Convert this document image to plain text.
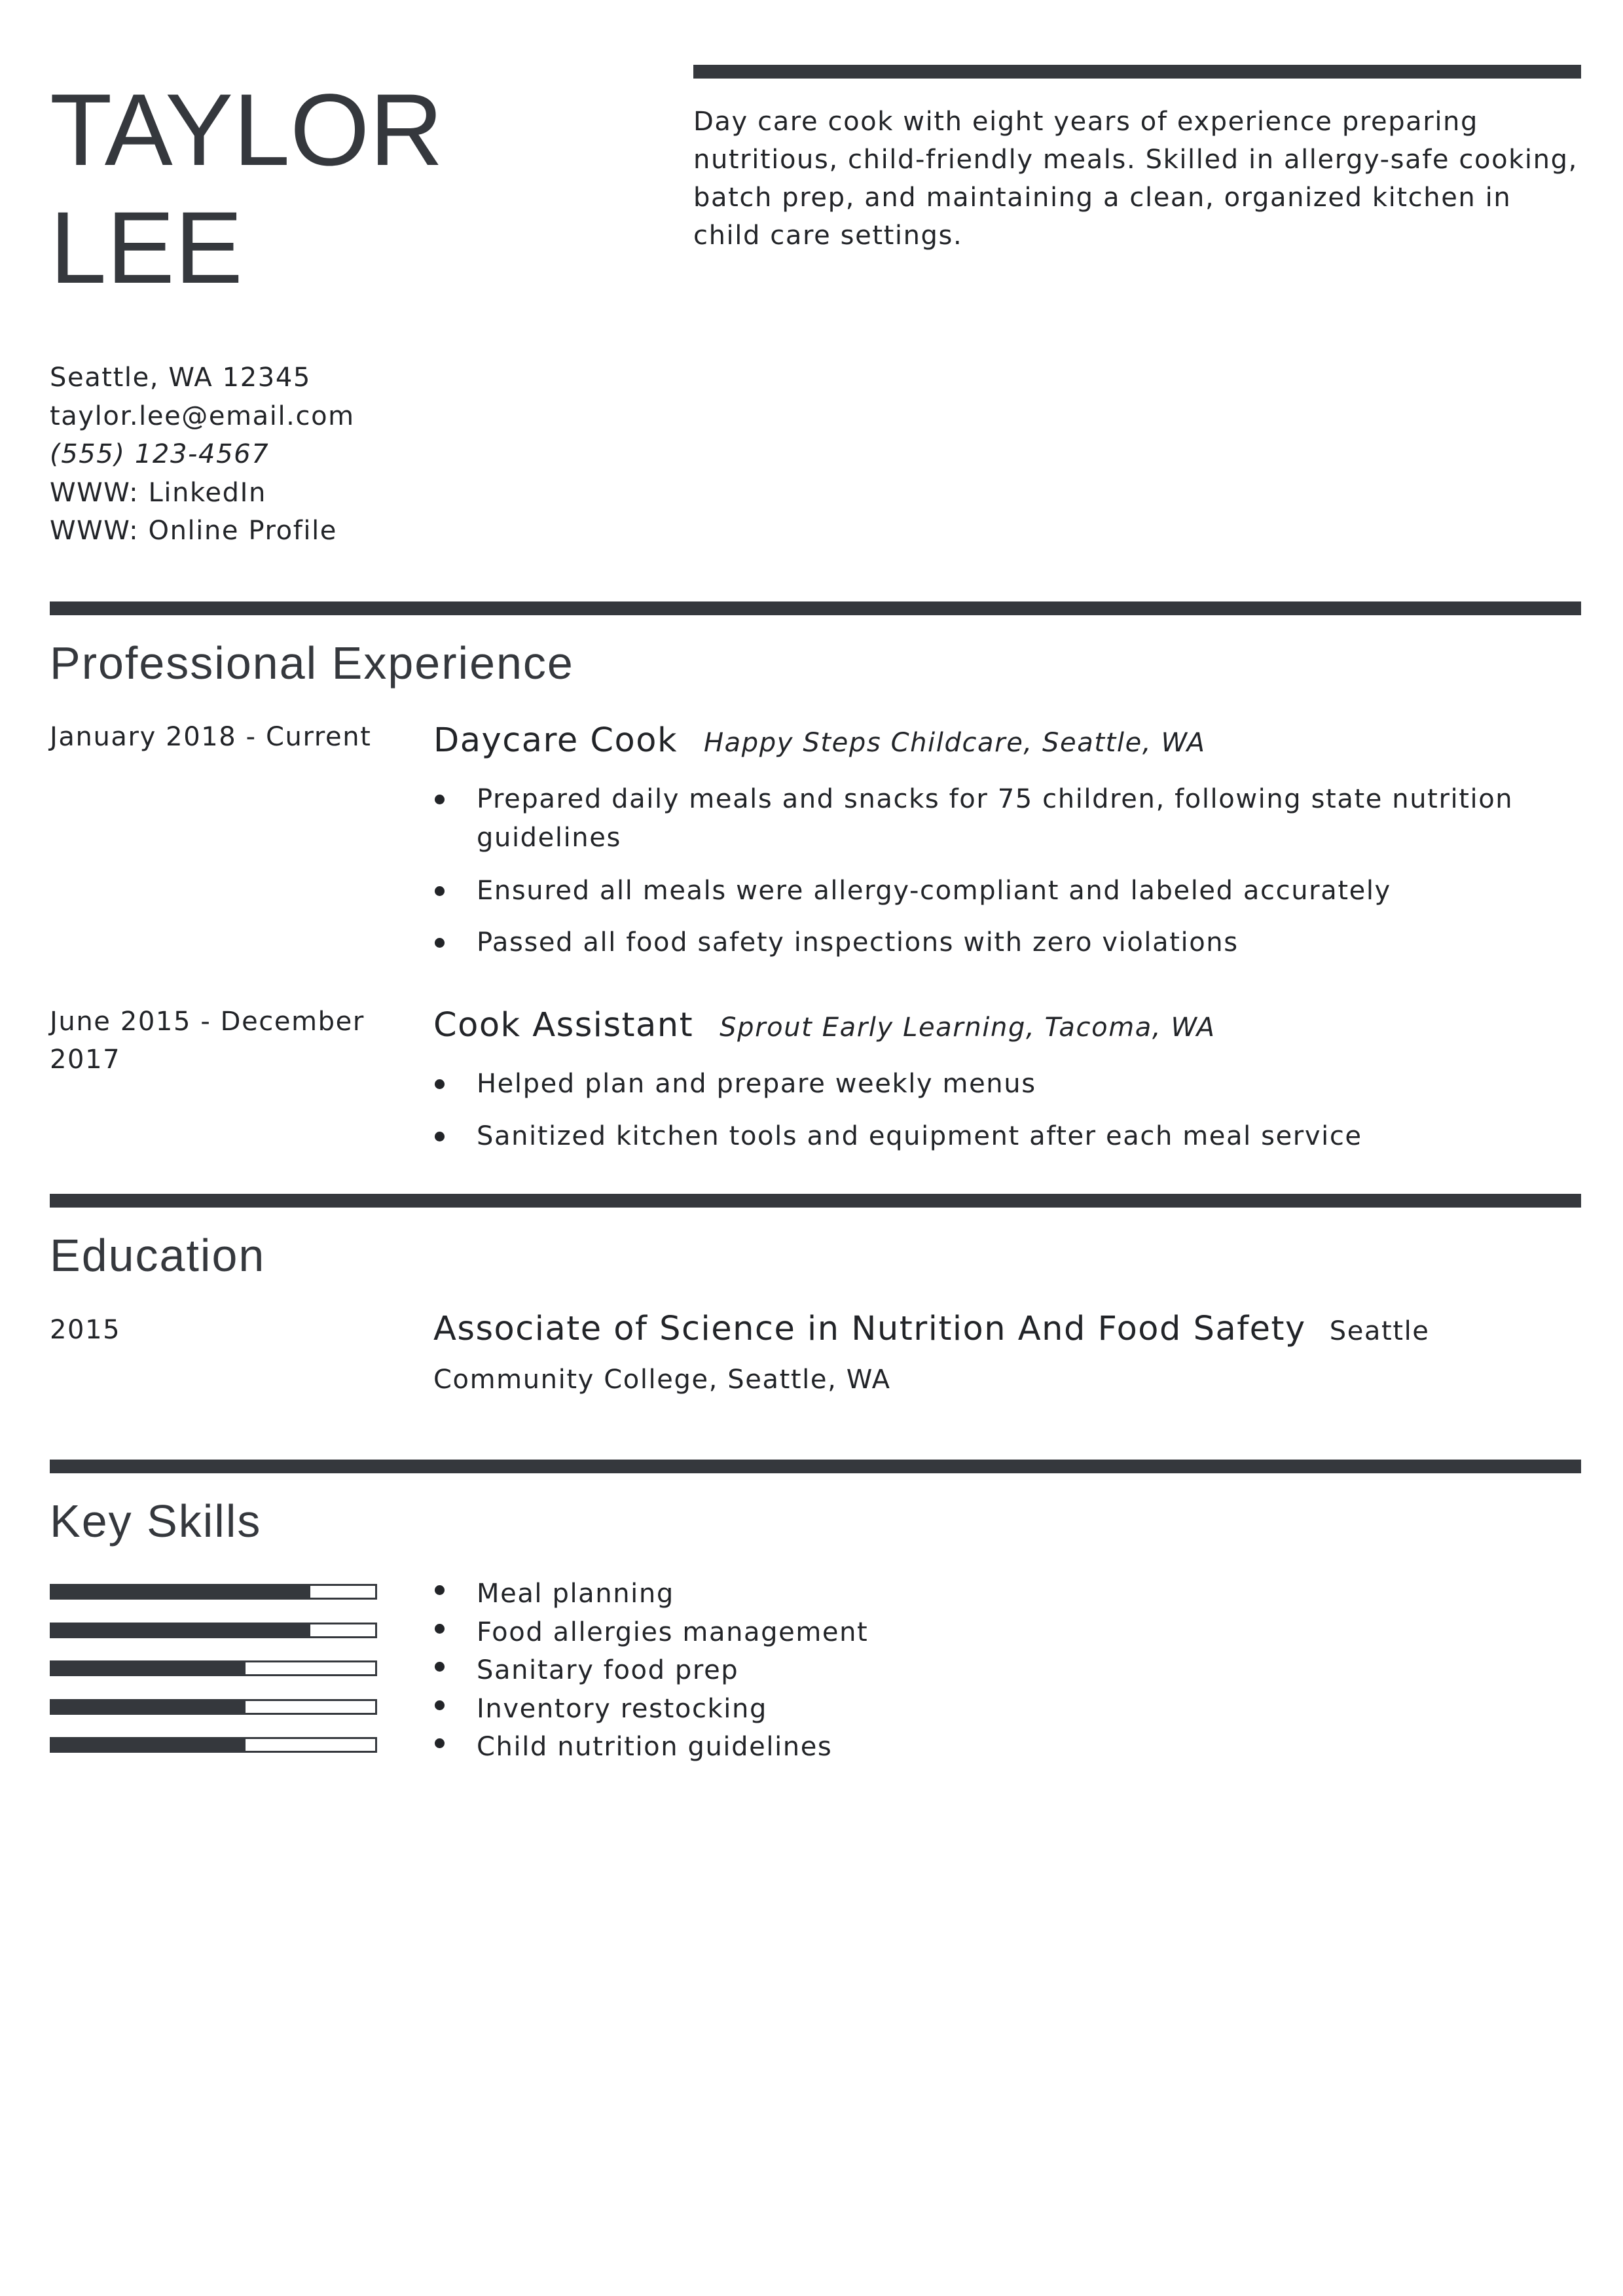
TAYLOR
LEE
Day care cook with eight years of experience preparing nutritious, child-friendly meals. Skilled in allergy-safe cooking, batch prep, and maintaining a clean, organized kitchen in child care settings.
Seattle, WA 12345
taylor.lee@email.com
(555) 123-4567
WWW: LinkedIn
WWW: Online Profile
Professional Experience
January 2018 - Current	Daycare Cook Happy Steps Childcare, Seattle, WA
Prepared daily meals and snacks for 75 children, following state nutrition guidelines
Ensured all meals were allergy-compliant and labeled accurately
Passed all food safety inspections with zero violations
June 2015 - December 2017
Cook Assistant Sprout Early Learning, Tacoma, WA
Helped plan and prepare weekly menus
Sanitized kitchen tools and equipment after each meal service
Education
2015	Associate of Science in Nutrition And Food Safety Seattle Community College, Seattle, WA
Key Skills
Meal planning
Food allergies management
Sanitary food prep
Inventory restocking
Child nutrition guidelines
